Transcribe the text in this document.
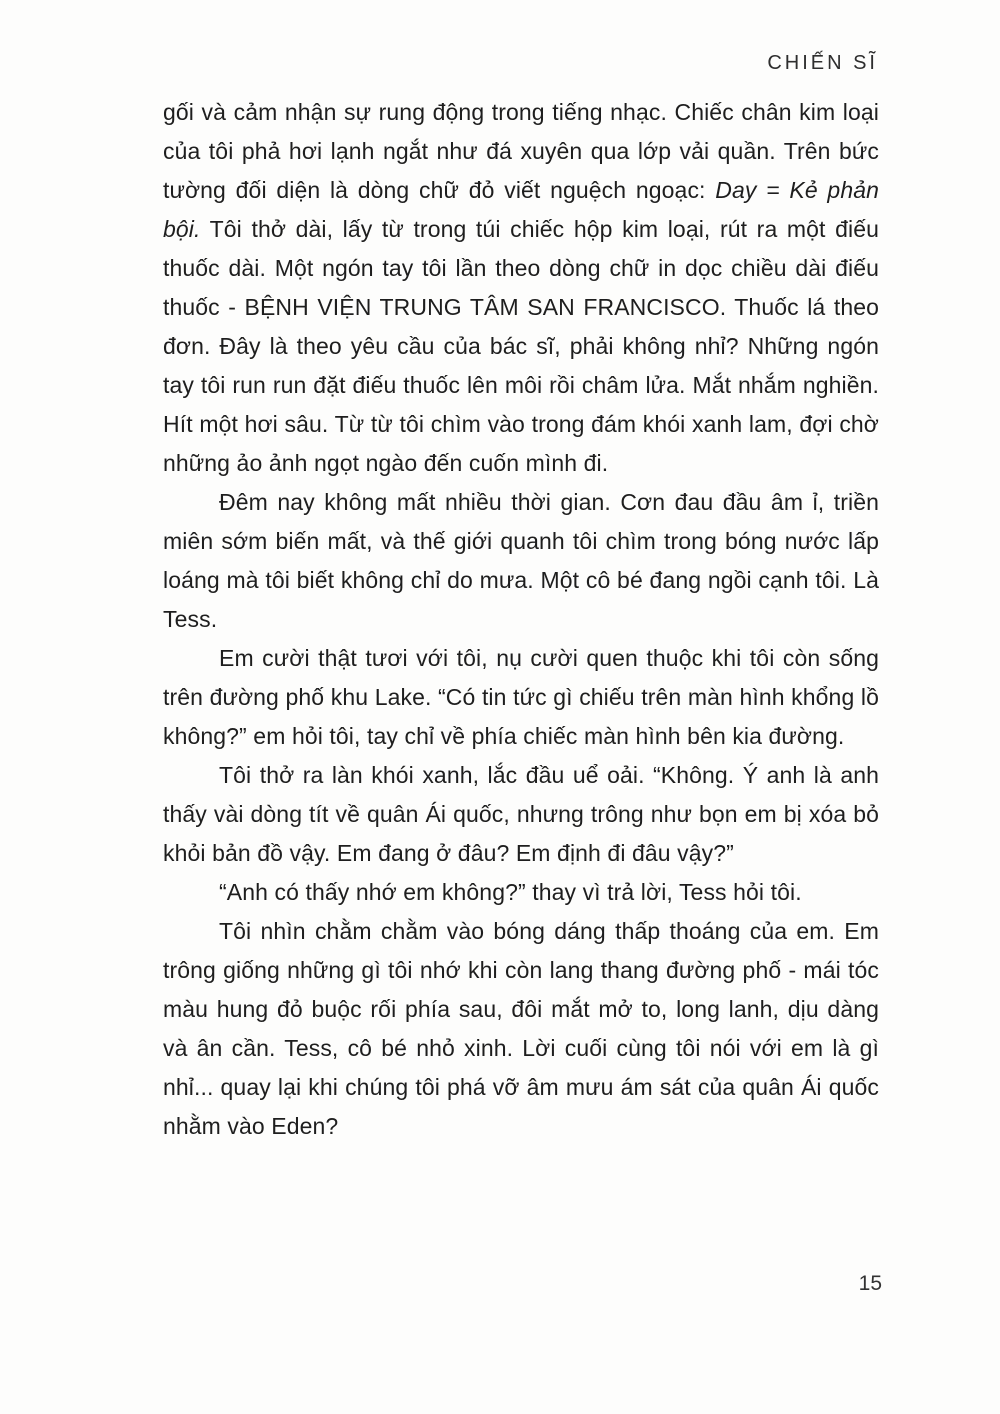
CHIẾN SĨ

gối và cảm nhận sự rung động trong tiếng nhạc. Chiếc chân kim loại của tôi phả hơi lạnh ngắt như đá xuyên qua lớp vải quần. Trên bức tường đối diện là dòng chữ đỏ viết nguệch ngoạc: Day = Kẻ phản bội. Tôi thở dài, lấy từ trong túi chiếc hộp kim loại, rút ra một điếu thuốc dài. Một ngón tay tôi lần theo dòng chữ in dọc chiều dài điếu thuốc - BỆNH VIỆN TRUNG TÂM SAN FRANCISCO. Thuốc lá theo đơn. Đây là theo yêu cầu của bác sĩ, phải không nhỉ? Những ngón tay tôi run run đặt điếu thuốc lên môi rồi châm lửa. Mắt nhắm nghiền. Hít một hơi sâu. Từ từ tôi chìm vào trong đám khói xanh lam, đợi chờ những ảo ảnh ngọt ngào đến cuốn mình đi.

Đêm nay không mất nhiều thời gian. Cơn đau đầu âm ỉ, triền miên sớm biến mất, và thế giới quanh tôi chìm trong bóng nước lấp loáng mà tôi biết không chỉ do mưa. Một cô bé đang ngồi cạnh tôi. Là Tess.

Em cười thật tươi với tôi, nụ cười quen thuộc khi tôi còn sống trên đường phố khu Lake. “Có tin tức gì chiếu trên màn hình khổng lồ không?” em hỏi tôi, tay chỉ về phía chiếc màn hình bên kia đường.

Tôi thở ra làn khói xanh, lắc đầu uể oải. “Không. Ý anh là anh thấy vài dòng tít về quân Ái quốc, nhưng trông như bọn em bị xóa bỏ khỏi bản đồ vậy. Em đang ở đâu? Em định đi đâu vậy?”

“Anh có thấy nhớ em không?” thay vì trả lời, Tess hỏi tôi.

Tôi nhìn chằm chằm vào bóng dáng thấp thoáng của em. Em trông giống những gì tôi nhớ khi còn lang thang đường phố - mái tóc màu hung đỏ buộc rối phía sau, đôi mắt mở to, long lanh, dịu dàng và ân cần. Tess, cô bé nhỏ xinh. Lời cuối cùng tôi nói với em là gì nhỉ... quay lại khi chúng tôi phá vỡ âm mưu ám sát của quân Ái quốc nhằm vào Eden?

15
